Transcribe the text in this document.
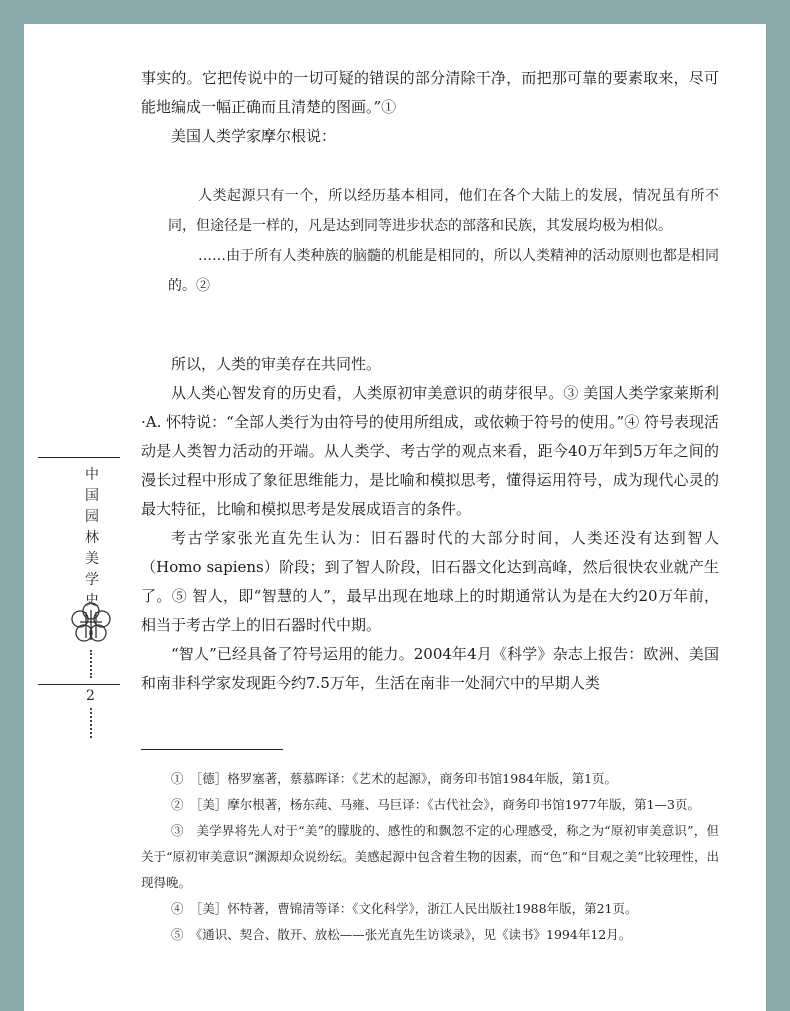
事实的。它把传说中的一切可疑的错误的部分清除干净，而把那可靠的要素取来，尽可能地编成一幅正确而且清楚的图画。”①

美国人类学家摩尔根说：

人类起源只有一个，所以经历基本相同，他们在各个大陆上的发展，情况虽有所不同，但途径是一样的，凡是达到同等进步状态的部落和民族，其发展均极为相似。

……由于所有人类种族的脑髓的机能是相同的，所以人类精神的活动原则也都是相同的。②

所以，人类的审美存在共同性。

从人类心智发育的历史看，人类原初审美意识的萌芽很早。③ 美国人类学家莱斯利·A. 怀特说：“全部人类行为由符号的使用所组成，或依赖于符号的使用。”④ 符号表现活动是人类智力活动的开端。从人类学、考古学的观点来看，距今40万年到5万年之间的漫长过程中形成了象征思维能力，是比喻和模拟思考，懂得运用符号，成为现代心灵的最大特征，比喻和模拟思考是发展成语言的条件。

考古学家张光直先生认为：旧石器时代的大部分时间，人类还没有达到智人（Homo sapiens）阶段；到了智人阶段，旧石器文化达到高峰，然后很快农业就产生了。⑤ 智人，即“智慧的人”，最早出现在地球上的时期通常认为是在大约20万年前，相当于考古学上的旧石器时代中期。

“智人”已经具备了符号运用的能力。2004年4月《科学》杂志上报告：欧洲、美国和南非科学家发现距今约7.5万年，生活在南非一处洞穴中的早期人类

中
国
园
林
美
学
史
2

①　［德］格罗塞著，蔡慕晖译：《艺术的起源》，商务印书馆1984年版，第1页。

②　［美］摩尔根著，杨东莼、马雍、马巨译：《古代社会》，商务印书馆1977年版，第1—3页。

③　美学界将先人对于“美”的朦胧的、感性的和飘忽不定的心理感受，称之为“原初审美意识”，但关于“原初审美意识”渊源却众说纷纭。美感起源中包含着生物的因素，而“色”和“目观之美”比较理性，出现得晚。

④　［美］怀特著，曹锦清等译：《文化科学》，浙江人民出版社1988年版，第21页。

⑤　《通识、契合、散开、放松——张光直先生访谈录》，见《读书》1994年12月。
